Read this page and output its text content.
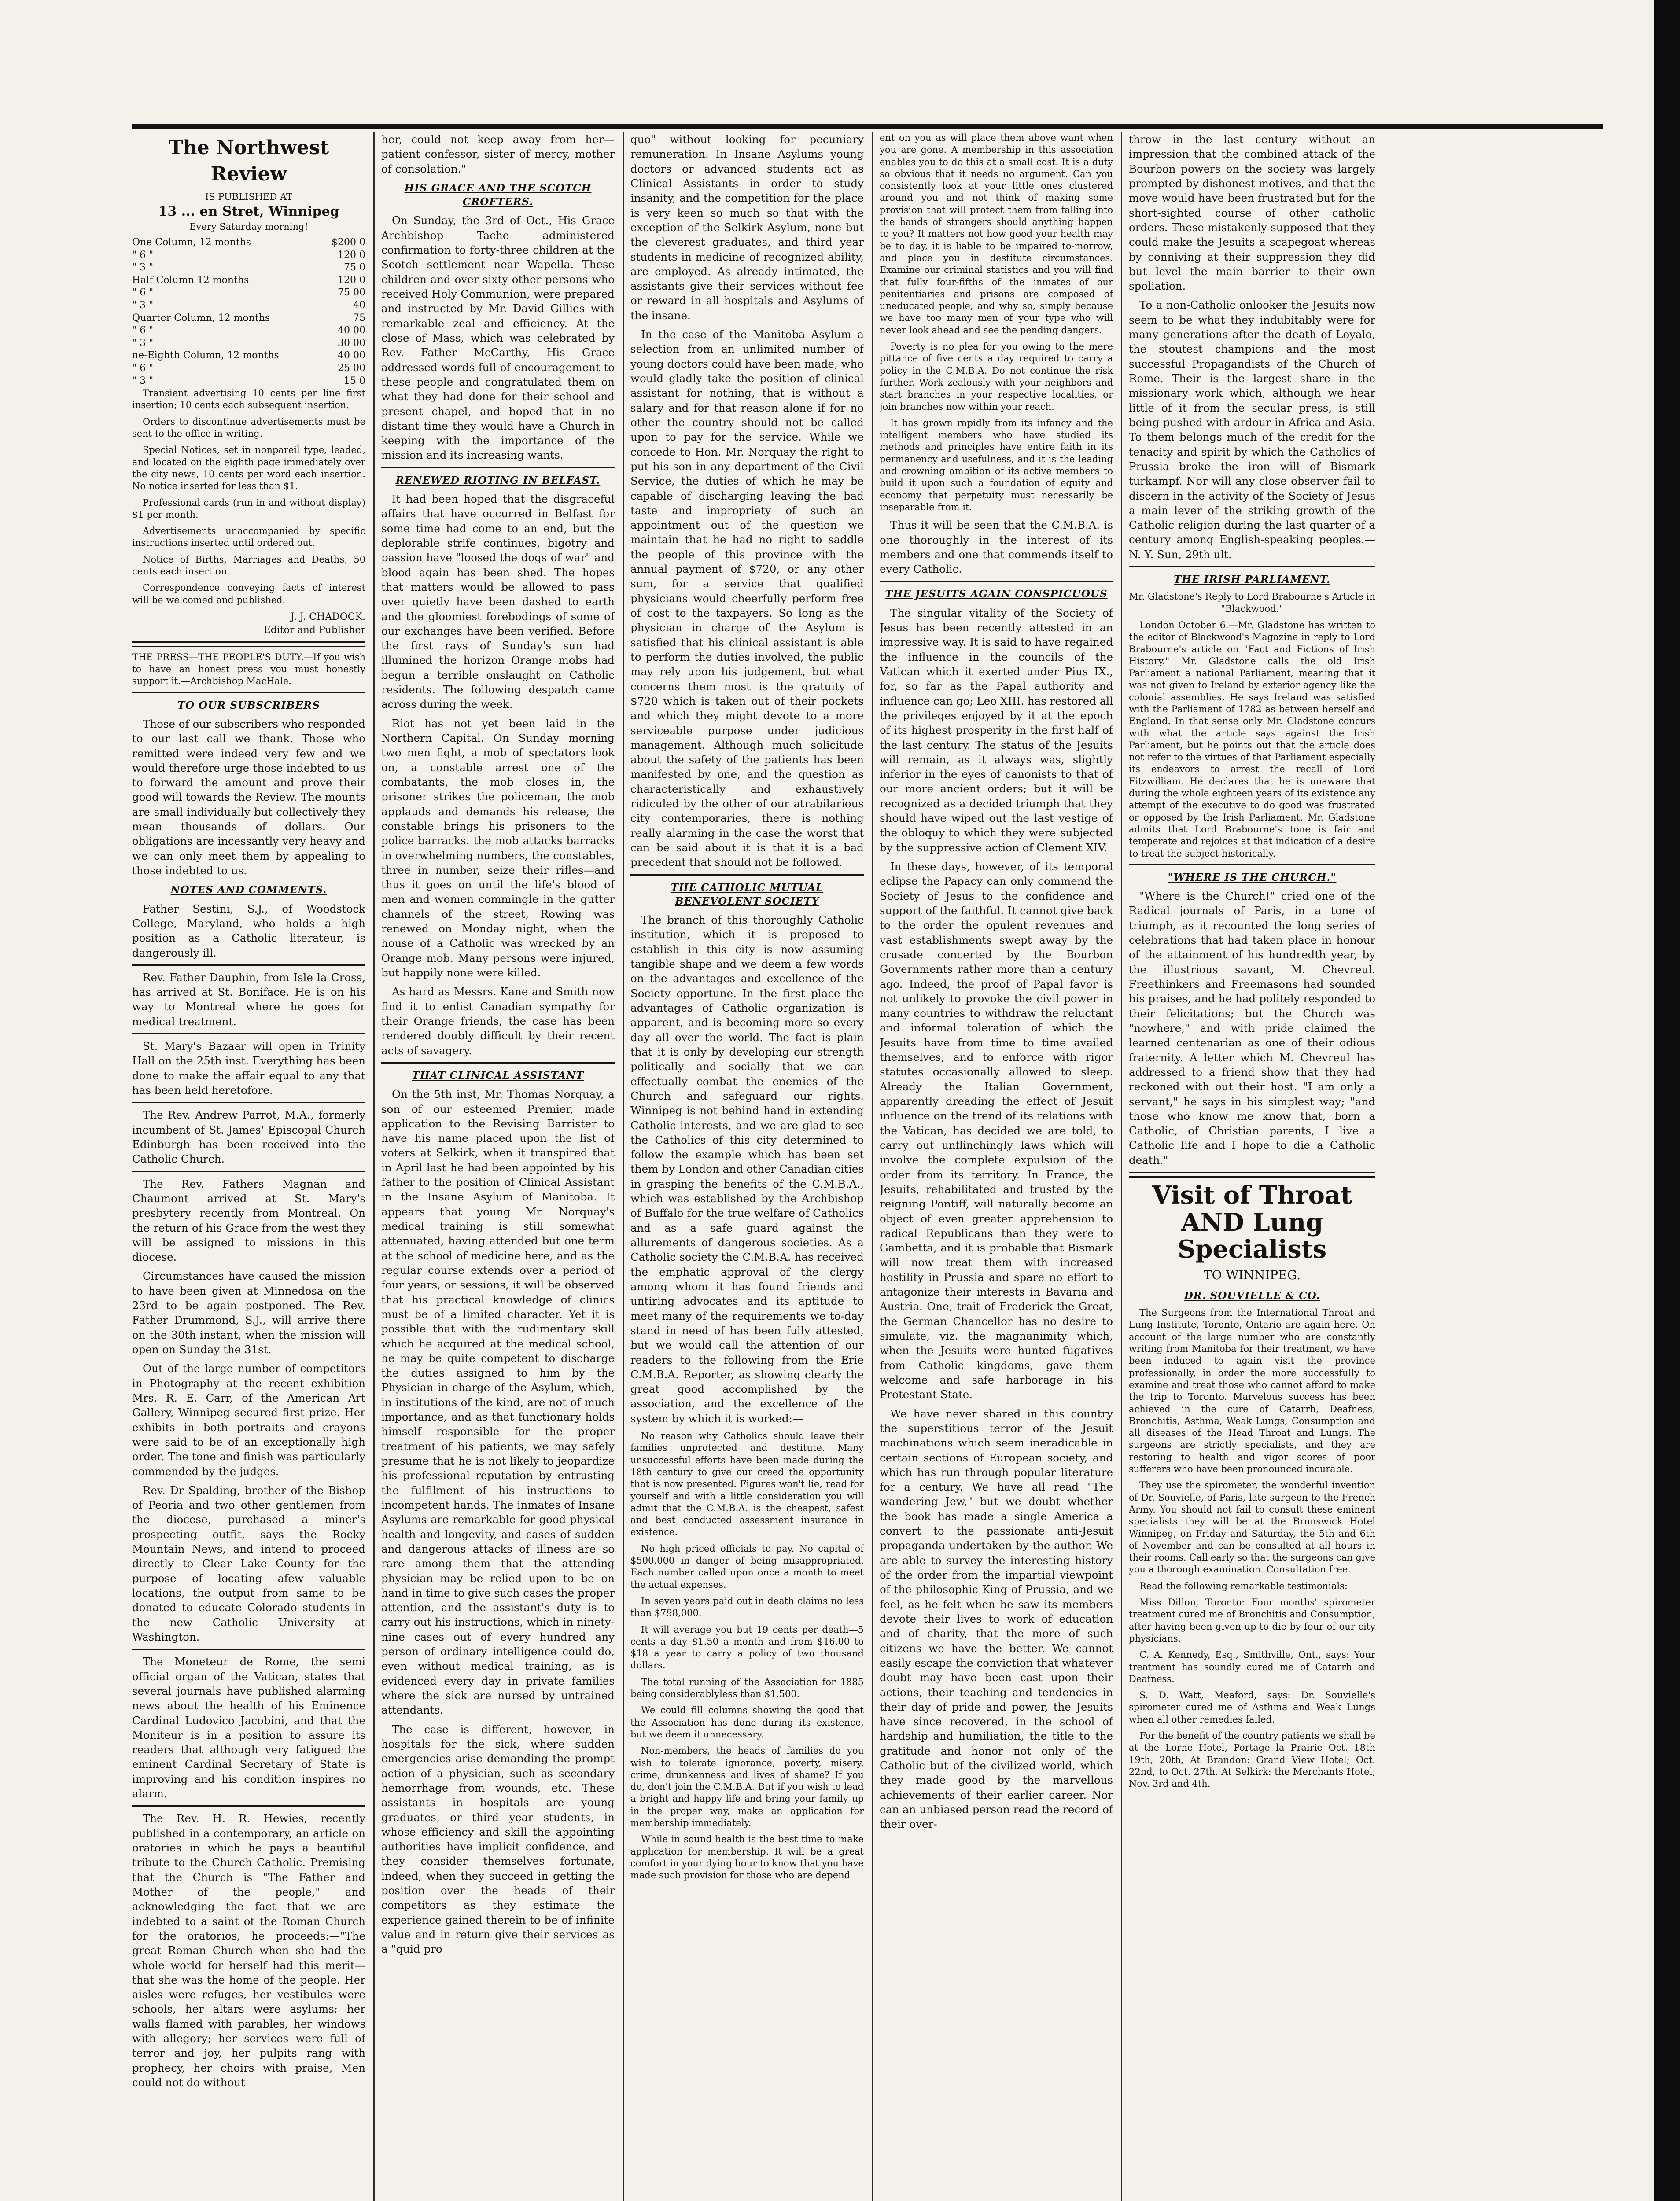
The Northwest Review
IS PUBLISHED AT
13 ... en Stret, Winnipeg
Every Saturday morning!
One Column, 12 months	$200 0
" 6 "	120 0
" 3 "	75 0
Half Column 12 months	120 0
" 6 "	75 00
" 3 "	40
Quarter Column, 12 months	75
" 6 "	40 00
" 3 "	30 00
ne-Eighth Column, 12 months	40 00
" 6 "	25 00
" 3 "	15 0

Transient advertising 10 cents per line first insertion; 10 cents each subsequent insertion.

Orders to discontinue advertisements must be sent to the office in writing.

Special Notices, set in nonpareil type, leaded, and located on the eighth page immediately over the city news, 10 cents per word each insertion. No notice inserted for less than $1.

Professional cards (run in and without display) $1 per month.

Advertisements unaccompanied by specific instructions inserted until ordered out.

Notice of Births, Marriages and Deaths, 50 cents each insertion.

Correspondence conveying facts of interest will be welcomed and published.

J. J. CHADOCK.
Editor and Publisher

THE PRESS—THE PEOPLE'S DUTY.—If you wish to have an honest press you must honestly support it.—Archbishop MacHale.

TO OUR SUBSCRIBERS

Those of our subscribers who responded to our last call we thank. Those who remitted were indeed very few and we would therefore urge those indebted to us to forward the amount and prove their good will towards the Review. The mounts are small individually but collectively they mean thousands of dollars. Our obligations are incessantly very heavy and we can only meet them by appealing to those indebted to us.

NOTES AND COMMENTS.

Father Sestini, S.J., of Woodstock College, Maryland, who holds a high position as a Catholic literateur, is dangerously ill.

Rev. Father Dauphin, from Isle la Cross, has arrived at St. Boniface. He is on his way to Montreal where he goes for medical treatment.

St. Mary's Bazaar will open in Trinity Hall on the 25th inst. Everything has been done to make the affair equal to any that has been held heretofore.

The Rev. Andrew Parrot, M.A., formerly incumbent of St. James' Episcopal Church Edinburgh has been received into the Catholic Church.

The Rev. Fathers Magnan and Chaumont arrived at St. Mary's presbytery recently from Montreal. On the return of his Grace from the west they will be assigned to missions in this diocese.

Circumstances have caused the mission to have been given at Minnedosa on the 23rd to be again postponed. The Rev. Father Drummond, S.J., will arrive there on the 30th instant, when the mission will open on Sunday the 31st.

Out of the large number of competitors in Photography at the recent exhibition Mrs. R. E. Carr, of the American Art Gallery, Winnipeg secured first prize. Her exhibits in both portraits and crayons were said to be of an exceptionally high order. The tone and finish was particularly commended by the judges.

Rev. Dr Spalding, brother of the Bishop of Peoria and two other gentlemen from the diocese, purchased a miner's prospecting outfit, says the Rocky Mountain News, and intend to proceed directly to Clear Lake County for the purpose of locating afew valuable locations, the output from same to be donated to educate Colorado students in the new Catholic University at Washington.

The Moneteur de Rome, the semi official organ of the Vatican, states that several journals have published alarming news about the health of his Eminence Cardinal Ludovico Jacobini, and that the Moniteur is in a position to assure its readers that although very fatigued the eminent Cardinal Secretary of State is improving and his condition inspires no alarm.

The Rev. H. R. Hewies, recently published in a contemporary, an article on oratories in which he pays a beautiful tribute to the Church Catholic. Premising that the Church is "The Father and Mother of the people," and acknowledging the fact that we are indebted to a saint ot the Roman Church for the oratorios, he proceeds:—"The great Roman Church when she had the whole world for herself had this merit—that she was the home of the people. Her aisles were refuges, her vestibules were schools, her altars were asylums; her walls flamed with parables, her windows with allegory; her services were full of terror and joy, her pulpits rang with prophecy, her choirs with praise, Men could not do without

her, could not keep away from her—patient confessor, sister of mercy, mother of consolation."

HIS GRACE AND THE SCOTCH CROFTERS.

On Sunday, the 3rd of Oct., His Grace Archbishop Tache administered confirmation to forty-three children at the Scotch settlement near Wapella. These children and over sixty other persons who received Holy Communion, were prepared and instructed by Mr. David Gillies with remarkable zeal and efficiency. At the close of Mass, which was celebrated by Rev. Father McCarthy, His Grace addressed words full of encouragement to these people and congratulated them on what they had done for their school and present chapel, and hoped that in no distant time they would have a Church in keeping with the importance of the mission and its increasing wants.

RENEWED RIOTING IN BELFAST.

It had been hoped that the disgraceful affairs that have occurred in Belfast for some time had come to an end, but the deplorable strife continues, bigotry and passion have "loosed the dogs of war" and blood again has been shed. The hopes that matters would be allowed to pass over quietly have been dashed to earth and the gloomiest forebodings of some of our exchanges have been verified. Before the first rays of Sunday's sun had illumined the horizon Orange mobs had begun a terrible onslaught on Catholic residents. The following despatch came across during the week.

Riot has not yet been laid in the Northern Capital. On Sunday morning two men fight, a mob of spectators look on, a constable arrest one of the combatants, the mob closes in, the prisoner strikes the policeman, the mob applauds and demands his release, the constable brings his prisoners to the police barracks. the mob attacks barracks in overwhelming numbers, the constables, three in number, seize their rifles—and thus it goes on until the life's blood of men and women commingle in the gutter channels of the street, Rowing was renewed on Monday night, when the house of a Catholic was wrecked by an Orange mob. Many persons were injured, but happily none were killed.

As hard as Messrs. Kane and Smith now find it to enlist Canadian sympathy for their Orange friends, the case has been rendered doubly difficult by their recent acts of savagery.

THAT CLINICAL ASSISTANT

On the 5th inst, Mr. Thomas Norquay, a son of our esteemed Premier, made application to the Revising Barrister to have his name placed upon the list of voters at Selkirk, when it transpired that in April last he had been appointed by his father to the position of Clinical Assistant in the Insane Asylum of Manitoba. It appears that young Mr. Norquay's medical training is still somewhat attenuated, having attended but one term at the school of medicine here, and as the regular course extends over a period of four years, or sessions, it will be observed that his practical knowledge of clinics must be of a limited character. Yet it is possible that with the rudimentary skill which he acquired at the medical school, he may be quite competent to discharge the duties assigned to him by the Physician in charge of the Asylum, which, in institutions of the kind, are not of much importance, and as that functionary holds himself responsible for the proper treatment of his patients, we may safely presume that he is not likely to jeopardize his professional reputation by entrusting the fulfilment of his instructions to incompetent hands. The inmates of Insane Asylums are remarkable for good physical health and longevity, and cases of sudden and dangerous attacks of illness are so rare among them that the attending physician may be relied upon to be on hand in time to give such cases the proper attention, and the assistant's duty is to carry out his instructions, which in ninety-nine cases out of every hundred any person of ordinary intelligence could do, even without medical training, as is evidenced every day in private families where the sick are nursed by untrained attendants.

The case is different, however, in hospitals for the sick, where sudden emergencies arise demanding the prompt action of a physician, such as secondary hemorrhage from wounds, etc. These assistants in hospitals are young graduates, or third year students, in whose efficiency and skill the appointing authorities have implicit confidence, and they consider themselves fortunate, indeed, when they succeed in getting the position over the heads of their competitors as they estimate the experience gained therein to be of infinite value and in return give their services as a "quid pro

quo" without looking for pecuniary remuneration. In Insane Asylums young doctors or advanced students act as Clinical Assistants in order to study insanity, and the competition for the place is very keen so much so that with the exception of the Selkirk Asylum, none but the cleverest graduates, and third year students in medicine of recognized ability, are employed. As already intimated, the assistants give their services without fee or reward in all hospitals and Asylums of the insane.

In the case of the Manitoba Asylum a selection from an unlimited number of young doctors could have been made, who would gladly take the position of clinical assistant for nothing, that is without a salary and for that reason alone if for no other the country should not be called upon to pay for the service. While we concede to Hon. Mr. Norquay the right to put his son in any department of the Civil Service, the duties of which he may be capable of discharging leaving the bad taste and impropriety of such an appointment out of the question we maintain that he had no right to saddle the people of this province with the annual payment of $720, or any other sum, for a service that qualified physicians would cheerfully perform free of cost to the taxpayers. So long as the physician in charge of the Asylum is satisfied that his clinical assistant is able to perform the duties involved, the public may rely upon his judgement, but what concerns them most is the gratuity of $720 which is taken out of their pockets and which they might devote to a more serviceable purpose under judicious management. Although much solicitude about the safety of the patients has been manifested by one, and the question as characteristically and exhaustively ridiculed by the other of our atrabilarious city contemporaries, there is nothing really alarming in the case the worst that can be said about it is that it is a bad precedent that should not be followed.

THE CATHOLIC MUTUAL BENEVOLENT SOCIETY

The branch of this thoroughly Catholic institution, which it is proposed to establish in this city is now assuming tangible shape and we deem a few words on the advantages and excellence of the Society opportune. In the first place the advantages of Catholic organization is apparent, and is becoming more so every day all over the world. The fact is plain that it is only by developing our strength politically and socially that we can effectually combat the enemies of the Church and safeguard our rights. Winnipeg is not behind hand in extending Catholic interests, and we are glad to see the Catholics of this city determined to follow the example which has been set them by London and other Canadian cities in grasping the benefits of the C.M.B.A., which was established by the Archbishop of Buffalo for the true welfare of Catholics and as a safe guard against the allurements of dangerous societies. As a Catholic society the C.M.B.A. has received the emphatic approval of the clergy among whom it has found friends and untiring advocates and its aptitude to meet many of the requirements we to-day stand in need of has been fully attested, but we would call the attention of our readers to the following from the Erie C.M.B.A. Reporter, as showing clearly the great good accomplished by the association, and the excellence of the system by which it is worked:—

No reason why Catholics should leave their families unprotected and destitute. Many unsuccessful efforts have been made during the 18th century to give our creed the opportunity that is now presented. Figures won't lie, read for yourself and with a little consideration you will admit that the C.M.B.A. is the cheapest, safest and best conducted assessment insurance in existence.

No high priced officials to pay. No capital of $500,000 in danger of being misappropriated. Each number called upon once a month to meet the actual expenses.

In seven years paid out in death claims no less than $798,000.

It will average you but 19 cents per death—5 cents a day $1.50 a month and from $16.00 to $18 a year to carry a policy of two thousand dollars.

The total running of the Association for 1885 being considerablyless than $1,500.

We could fill columns showing the good that the Association has done during its existence, but we deem it unnecessary.

Non-members, the heads of families do you wish to tolerate ignorance, poverty, misery, crime, drunkenness and lives of shame? If you do, don't join the C.M.B.A. But if you wish to lead a bright and happy life and bring your family up in the proper way, make an application for membership immediately.

While in sound health is the best time to make application for membership. It will be a great comfort in your dying hour to know that you have made such provision for those who are depend

ent on you as will place them above want when you are gone. A membership in this association enables you to do this at a small cost. It is a duty so obvious that it needs no argument. Can you consistently look at your little ones clustered around you and not think of making some provision that will protect them from falling into the hands of strangers should anything happen to you? It matters not how good your health may be to day, it is liable to be impaired to-morrow, and place you in destitute circumstances. Examine our criminal statistics and you will find that fully four-fifths of the inmates of our penitentiaries and prisons are composed of uneducated people, and why so, simply because we have too many men of your type who will never look ahead and see the pending dangers.

Poverty is no plea for you owing to the mere pittance of five cents a day required to carry a policy in the C.M.B.A. Do not continue the risk further. Work zealously with your neighbors and start branches in your respective localities, or join branches now within your reach.

It has grown rapidly from its infancy and the intelligent members who have studied its methods and principles have entire faith in its permanency and usefulness, and it is the leading and crowning ambition of its active members to build it upon such a foundation of equity and economy that perpetuity must necessarily be inseparable from it.

Thus it will be seen that the C.M.B.A. is one thoroughly in the interest of its members and one that commends itself to every Catholic.

THE JESUITS AGAIN CONSPICUOUS

The singular vitality of the Society of Jesus has been recently attested in an impressive way. It is said to have regained the influence in the councils of the Vatican which it exerted under Pius IX., for, so far as the Papal authority and influence can go; Leo XIII. has restored all the privileges enjoyed by it at the epoch of its highest prosperity in the first half of the last century. The status of the Jesuits will remain, as it always was, slightly inferior in the eyes of canonists to that of our more ancient orders; but it will be recognized as a decided triumph that they should have wiped out the last vestige of the obloquy to which they were subjected by the suppressive action of Clement XIV.

In these days, however, of its temporal eclipse the Papacy can only commend the Society of Jesus to the confidence and support of the faithful. It cannot give back to the order the opulent revenues and vast establishments swept away by the crusade concerted by the Bourbon Governments rather more than a century ago. Indeed, the proof of Papal favor is not unlikely to provoke the civil power in many countries to withdraw the reluctant and informal toleration of which the Jesuits have from time to time availed themselves, and to enforce with rigor statutes occasionally allowed to sleep. Already the Italian Government, apparently dreading the effect of Jesuit influence on the trend of its relations with the Vatican, has decided we are told, to carry out unflinchingly laws which will involve the complete expulsion of the order from its territory. In France, the Jesuits, rehabilitated and trusted by the reigning Pontiff, will naturally become an object of even greater apprehension to radical Republicans than they were to Gambetta, and it is probable that Bismark will now treat them with increased hostility in Prussia and spare no effort to antagonize their interests in Bavaria and Austria. One, trait of Frederick the Great, the German Chancellor has no desire to simulate, viz. the magnanimity which, when the Jesuits were hunted fugatives from Catholic kingdoms, gave them welcome and safe harborage in his Protestant State.

We have never shared in this country the superstitious terror of the Jesuit machinations which seem ineradicable in certain sections of European society, and which has run through popular literature for a century. We have all read "The wandering Jew," but we doubt whether the book has made a single America a convert to the passionate anti-Jesuit propaganda undertaken by the author. We are able to survey the interesting history of the order from the impartial viewpoint of the philosophic King of Prussia, and we feel, as he felt when he saw its members devote their lives to work of education and of charity, that the more of such citizens we have the better. We cannot easily escape the conviction that whatever doubt may have been cast upon their actions, their teaching and tendencies in their day of pride and power, the Jesuits have since recovered, in the school of hardship and humiliation, the title to the gratitude and honor not only of the Catholic but of the civilized world, which they made good by the marvellous achievements of their earlier career. Nor can an unbiased person read the record of their over-

throw in the last century without an impression that the combined attack of the Bourbon powers on the society was largely prompted by dishonest motives, and that the move would have been frustrated but for the short-sighted course of other catholic orders. These mistakenly supposed that they could make the Jesuits a scapegoat whereas by conniving at their suppression they did but level the main barrier to their own spoliation.

To a non-Catholic onlooker the Jesuits now seem to be what they indubitably were for many generations after the death of Loyalo, the stoutest champions and the most successful Propagandists of the Church of Rome. Their is the largest share in the missionary work which, although we hear little of it from the secular press, is still being pushed with ardour in Africa and Asia. To them belongs much of the credit for the tenacity and spirit by which the Catholics of Prussia broke the iron will of Bismark turkampf. Nor will any close observer fail to discern in the activity of the Society of Jesus a main lever of the striking growth of the Catholic religion during the last quarter of a century among English-speaking peoples.—N. Y. Sun, 29th ult.

THE IRISH PARLIAMENT.

Mr. Gladstone's Reply to Lord Brabourne's Article in "Blackwood."

London October 6.—Mr. Gladstone has written to the editor of Blackwood's Magazine in reply to Lord Brabourne's article on "Fact and Fictions of Irish History." Mr. Gladstone calls the old Irish Parliament a national Parliament, meaning that it was not given to Ireland by exterior agency like the colonial assemblies. He says Ireland was satisfied with the Parliament of 1782 as between herself and England. In that sense only Mr. Gladstone concurs with what the article says against the Irish Parliament, but he points out that the article does not refer to the virtues of that Parliament especially its endeavors to arrest the recall of Lord Fitzwilliam. He declares that he is unaware that during the whole eighteen years of its existence any attempt of the executive to do good was frustrated or opposed by the Irish Parliament. Mr. Gladstone admits that Lord Brabourne's tone is fair and temperate and rejoices at that indication of a desire to treat the subject historically.

"WHERE IS THE CHURCH."

"Where is the Church!" cried one of the Radical journals of Paris, in a tone of triumph, as it recounted the long series of celebrations that had taken place in honour of the attainment of his hundredth year, by the illustrious savant, M. Chevreul. Freethinkers and Freemasons had sounded his praises, and he had politely responded to their felicitations; but the Church was "nowhere," and with pride claimed the learned centenarian as one of their odious fraternity. A letter which M. Chevreul has addressed to a friend show that they had reckoned with out their host. "I am only a servant," he says in his simplest way; "and those who know me know that, born a Catholic, of Christian parents, I live a Catholic life and I hope to die a Catholic death."

Visit of Throat AND Lung Specialists
TO WINNIPEG.
DR. SOUVIELLE & CO.

The Surgeons from the International Throat and Lung Institute, Toronto, Ontario are again here. On account of the large number who are constantly writing from Manitoba for their treatment, we have been induced to again visit the province professionally, in order the more successfully to examine and treat those who cannot afford to make the trip to Toronto. Marvelous success has been achieved in the cure of Catarrh, Deafness, Bronchitis, Asthma, Weak Lungs, Consumption and all diseases of the Head Throat and Lungs. The surgeons are strictly specialists, and they are restoring to health and vigor scores of poor sufferers who have been pronounced incurable.

They use the spirometer, the wonderful invention of Dr. Souvielle, of Paris, late surgeon to the French Army. You should not fail to consult these eminent specialists they will be at the Brunswick Hotel Winnipeg, on Friday and Saturday, the 5th and 6th of November and can be consulted at all hours in their rooms. Call early so that the surgeons can give you a thorough examination. Consultation free.

Read the following remarkable testimonials:

Miss Dillon, Toronto: Four months' spirometer treatment cured me of Bronchitis and Consumption, after having been given up to die by four of our city physicians.

C. A. Kennedy, Esq., Smithville, Ont., says: Your treatment has soundly cured me of Catarrh and Deafness.

S. D. Watt, Meaford, says: Dr. Souvielle's spirometer cured me of Asthma and Weak Lungs when all other remedies failed.

For the benefit of the country patients we shall be at the Lorne Hotel, Portage la Prairie Oct. 18th 19th, 20th, At Brandon: Grand View Hotel; Oct. 22nd, to Oct. 27th. At Selkirk: the Merchants Hotel, Nov. 3rd and 4th.
